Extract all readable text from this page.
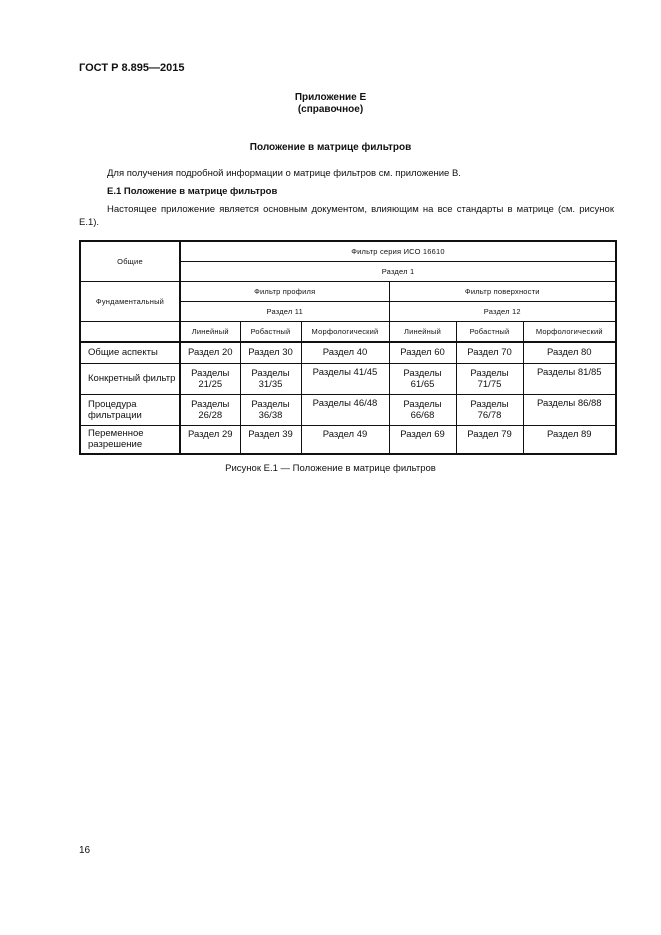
ГОСТ Р 8.895—2015
Приложение Е
(справочное)
Положение в матрице фильтров
Для получения подробной информации о матрице фильтров см. приложение В.
Е.1 Положение в матрице фильтров
Настоящее приложение является основным документом, влияющим на все стандарты в матрице (см. рисунок Е.1).
Общие	Фильтр серия ИСО 16610					
	Раздел 1					
Фундаментальный	Фильтр профиля			Фильтр поверхности		
	Раздел 11			Раздел 12		
	Линейный	Робастный	Морфологический	Линейный	Робастный	Морфологический
Общие аспекты	Раздел 20	Раздел 30	Раздел 40	Раздел 60	Раздел 70	Раздел 80
Конкретный фильтр	Разделы 21/25	Разделы 31/35	Разделы 41/45	Разделы 61/65	Разделы 71/75	Разделы 81/85
Процедура фильтрации	Разделы 26/28	Разделы 36/38	Разделы 46/48	Разделы 66/68	Разделы 76/78	Разделы 86/88
Переменное разрешение	Раздел 29	Раздел 39	Раздел 49	Раздел 69	Раздел 79	Раздел 89
Рисунок Е.1 — Положение в матрице фильтров
16
